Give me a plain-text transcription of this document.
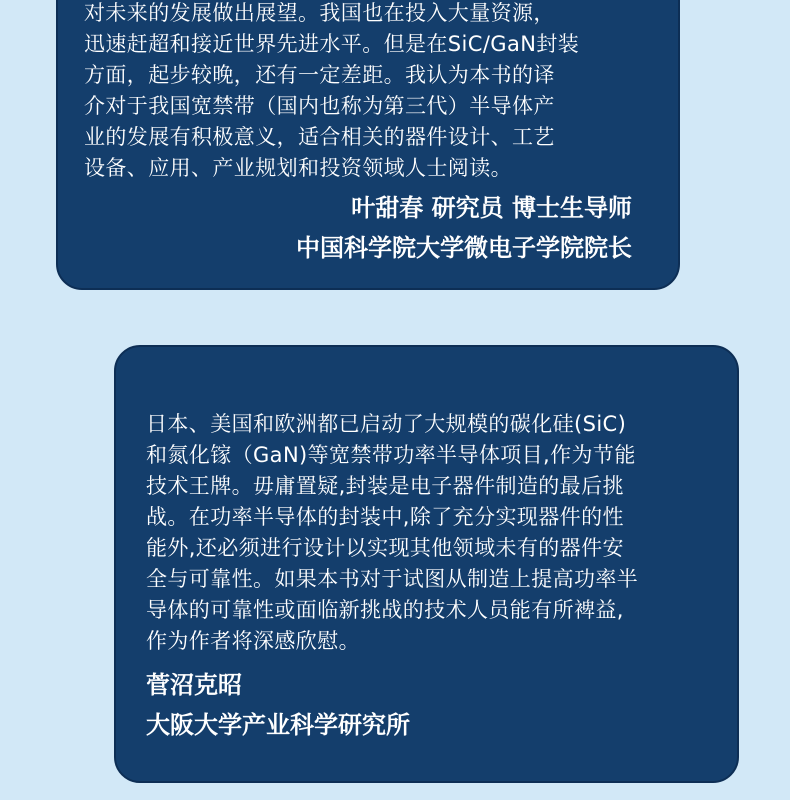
对未来的发展做出展望。我国也在投入大量资源，
迅速赶超和接近世界先进水平。但是在SiC/GaN封装
方面，起步较晚，还有一定差距。我认为本书的译
介对于我国宽禁带（国内也称为第三代）半导体产
业的发展有积极意义，适合相关的器件设计、工艺
设备、应用、产业规划和投资领域人士阅读。
叶甜春 研究员 博士生导师
中国科学院大学微电子学院院长
日本、美国和欧洲都已启动了大规模的碳化硅(SiC)
和氮化镓（GaN)等宽禁带功率半导体项目,作为节能
技术王牌。毋庸置疑,封装是电子器件制造的最后挑
战。在功率半导体的封装中,除了充分实现器件的性
能外,还必须进行设计以实现其他领域未有的器件安
全与可靠性。如果本书对于试图从制造上提高功率半
导体的可靠性或面临新挑战的技术人员能有所裨益,
作为作者将深感欣慰。
菅沼克昭
大阪大学产业科学研究所
